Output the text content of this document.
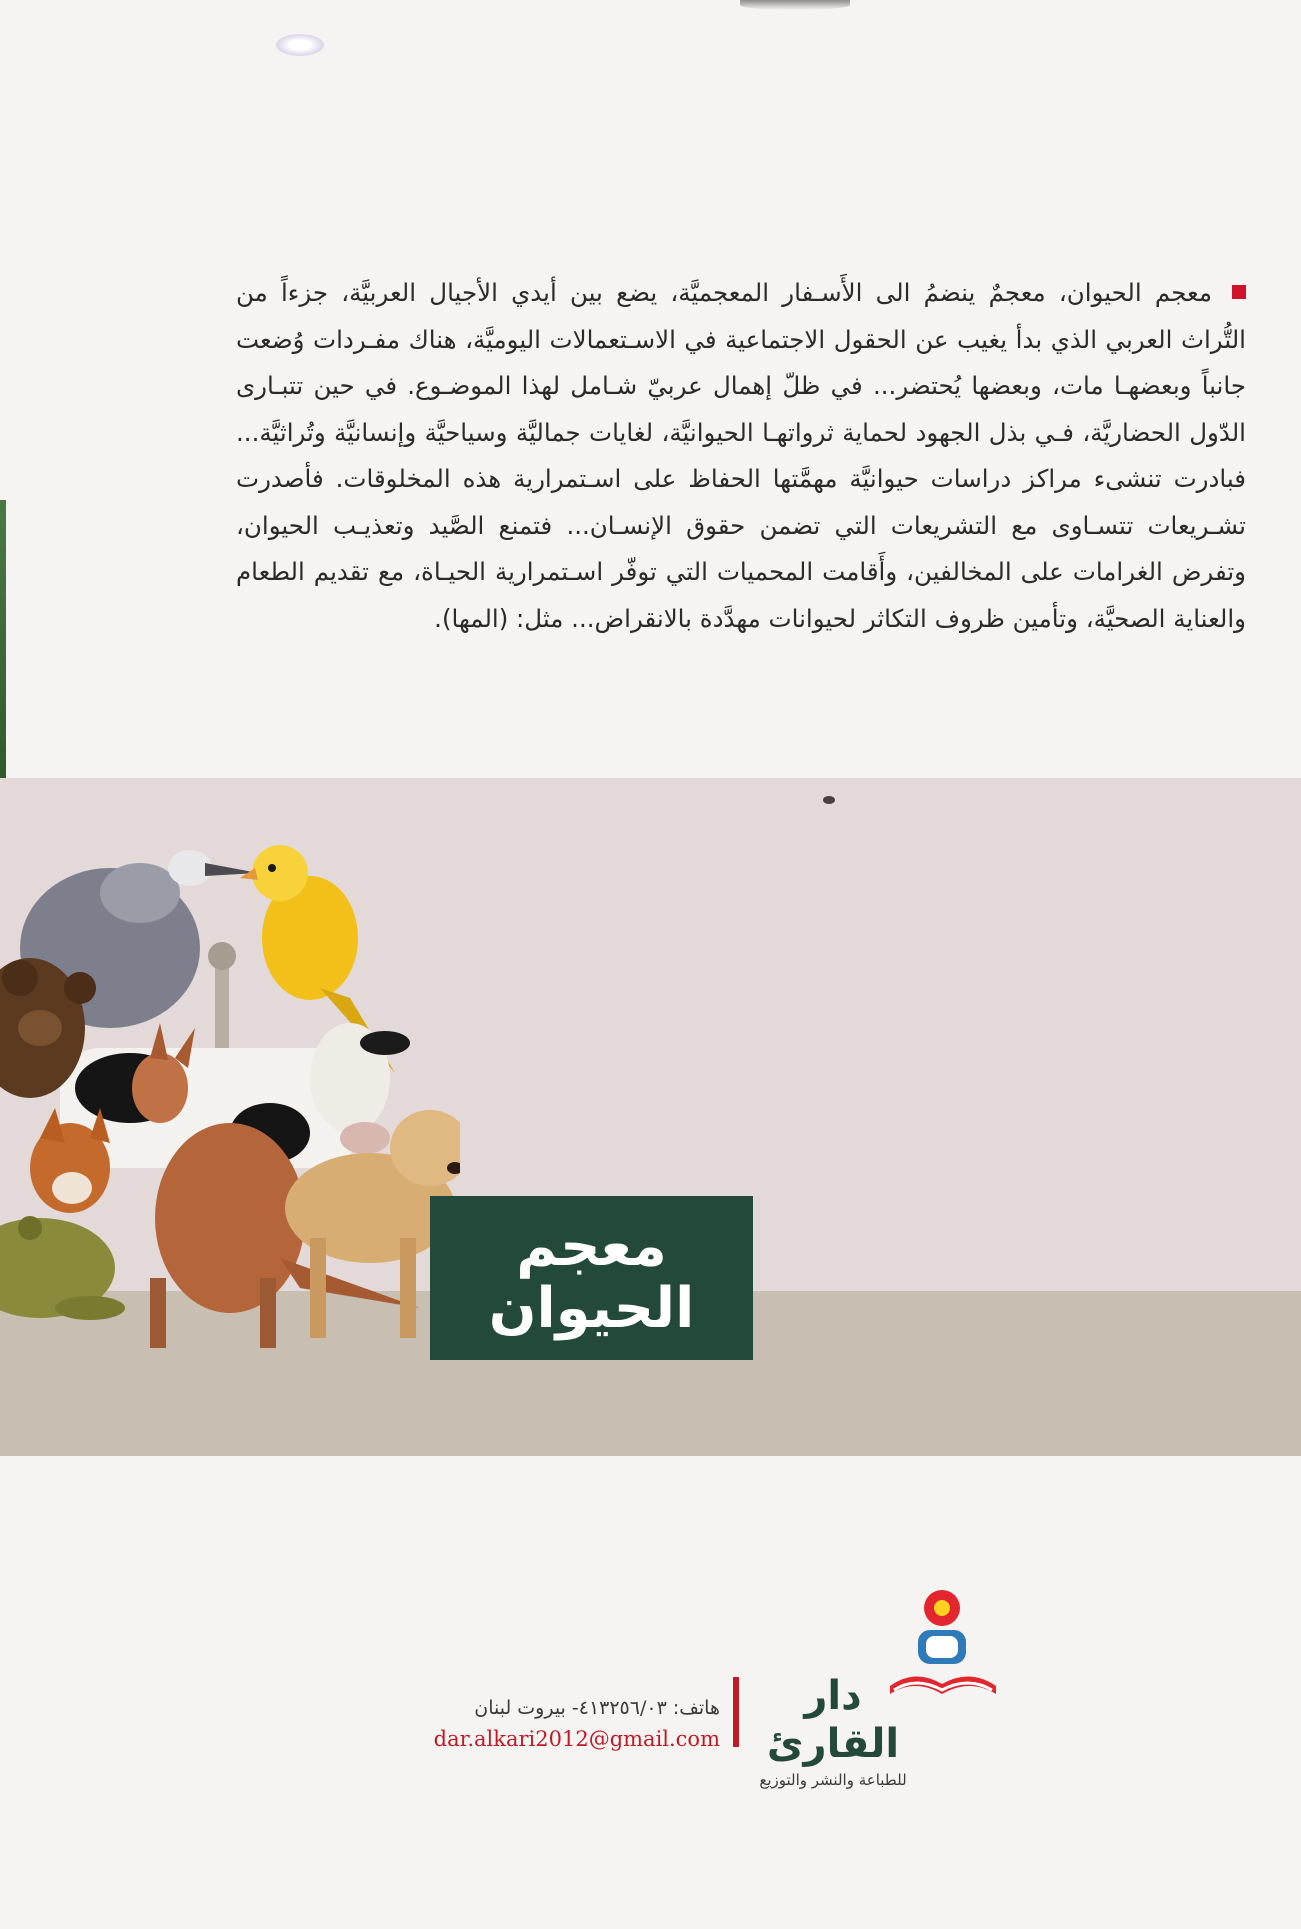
معجم الحيوان، معجمٌ ينضمُ الى الأَسـفار المعجميَّة، يضع بين أيدي الأجيال العربيَّة، جزءاً من التُّراث العربي الذي بدأ يغيب عن الحقول الاجتماعية في الاسـتعمالات اليوميَّة، هناك مفـردات وُضعت جانباً وبعضهـا مات، وبعضها يُحتضر... في ظلّ إهمال عربيّ شـامل لهذا الموضـوع. في حين تتبـارى الدّول الحضاريَّة، فـي بذل الجهود لحماية ثرواتهـا الحيوانيَّة، لغايات جماليَّة وسياحيَّة وإنسانيَّة وتُراثيَّة... فبادرت تنشىء مراكز دراسات حيوانيَّة مهمَّتها الحفاظ على اسـتمرارية هذه المخلوقات. فأصدرت تشـريعات تتسـاوى مع التشريعات التي تضمن حقوق الإنسـان... فتمنع الصَّيد وتعذيـب الحيوان، وتفرض الغرامات على المخالفين، وأَقامت المحميات التي توفّر اسـتمرارية الحيـاة، مع تقديم الطعام والعناية الصحيَّة، وتأمين ظروف التكاثر لحيوانات مهدَّدة بالانقراض... مثل: (المها).
معجم
الحيوان
هاتف: ٤١٣٢٥٦/٠٣- بيروت لبنان
dar.alkari2012@gmail.com
دار القارئ
للطباعة والنشر والتوزيع
